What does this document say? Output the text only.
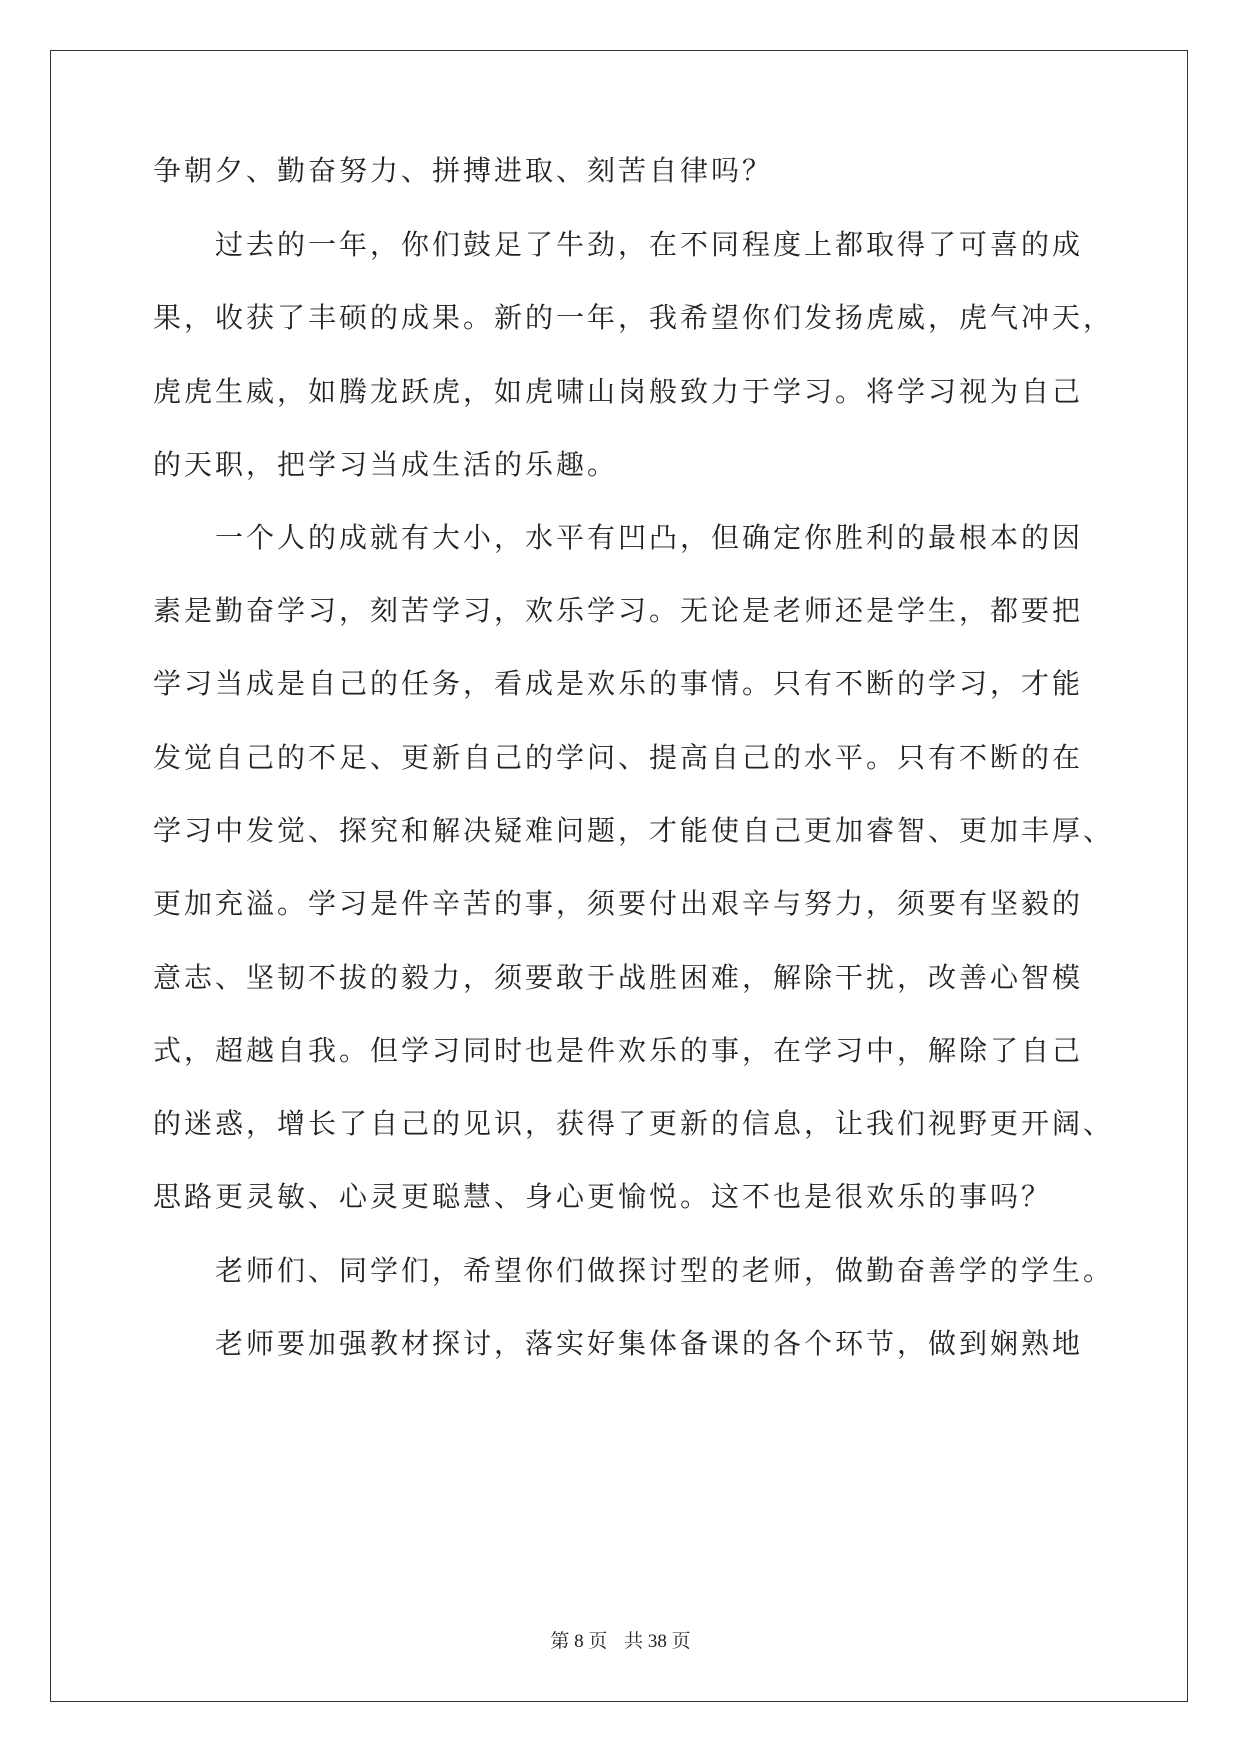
争朝夕、勤奋努力、拼搏进取、刻苦自律吗？
过去的一年，你们鼓足了牛劲，在不同程度上都取得了可喜的成
果，收获了丰硕的成果。新的一年，我希望你们发扬虎威，虎气冲天，
虎虎生威，如腾龙跃虎，如虎啸山岗般致力于学习。将学习视为自己
的天职，把学习当成生活的乐趣。
一个人的成就有大小，水平有凹凸，但确定你胜利的最根本的因
素是勤奋学习，刻苦学习，欢乐学习。无论是老师还是学生，都要把
学习当成是自己的任务，看成是欢乐的事情。只有不断的学习，才能
发觉自己的不足、更新自己的学问、提高自己的水平。只有不断的在
学习中发觉、探究和解决疑难问题，才能使自己更加睿智、更加丰厚、
更加充溢。学习是件辛苦的事，须要付出艰辛与努力，须要有坚毅的
意志、坚韧不拔的毅力，须要敢于战胜困难，解除干扰，改善心智模
式，超越自我。但学习同时也是件欢乐的事，在学习中，解除了自己
的迷惑，增长了自己的见识，获得了更新的信息，让我们视野更开阔、
思路更灵敏、心灵更聪慧、身心更愉悦。这不也是很欢乐的事吗？
老师们、同学们，希望你们做探讨型的老师，做勤奋善学的学生。
老师要加强教材探讨，落实好集体备课的各个环节，做到娴熟地
第 8 页 共 38 页
